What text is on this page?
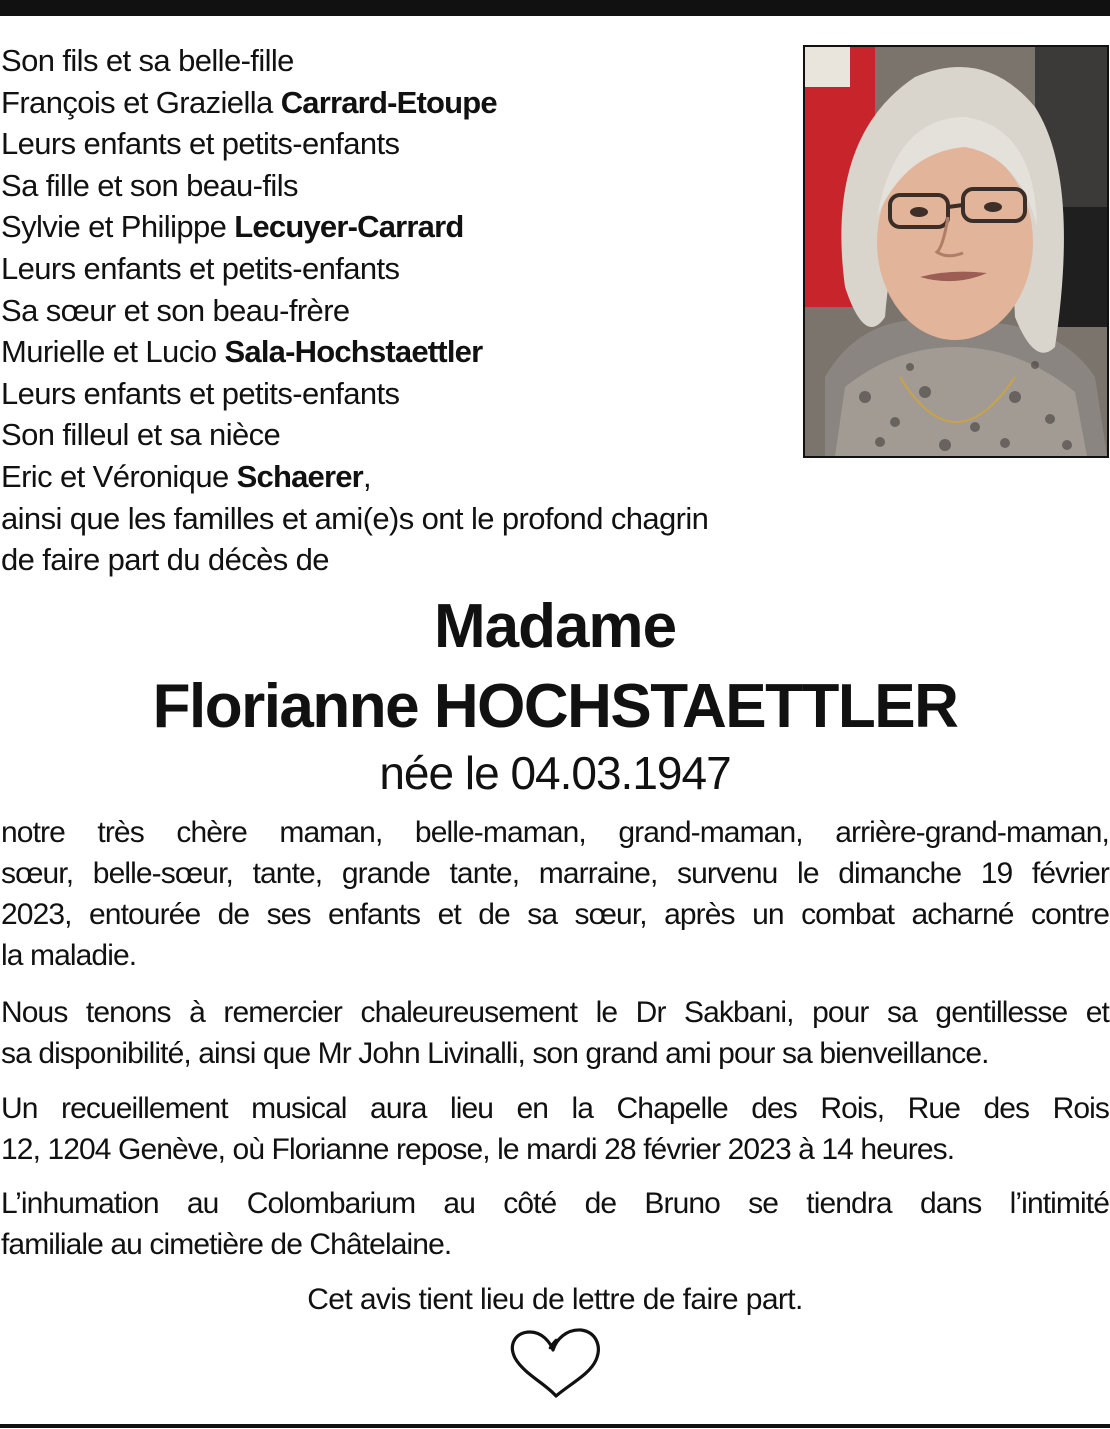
Son fils et sa belle-fille
François et Graziella Carrard-Etoupe
Leurs enfants et petits-enfants
Sa fille et son beau-fils
Sylvie et Philippe Lecuyer-Carrard
Leurs enfants et petits-enfants
Sa sœur et son beau-frère
Murielle et Lucio Sala-Hochstaettler
Leurs enfants et petits-enfants
Son filleul et sa nièce
Eric et Véronique Schaerer,
ainsi que les familles et ami(e)s ont le profond chagrin
de faire part du décès de
Madame
Florianne HOCHSTAETTLER
née le 04.03.1947
notre très chère maman, belle-maman, grand-maman, arrière-grand-maman,
sœur, belle-sœur, tante, grande tante, marraine, survenu le dimanche 19 février
2023, entourée de ses enfants et de sa sœur, après un combat acharné contre
la maladie.
Nous tenons à remercier chaleureusement le Dr Sakbani, pour sa gentillesse et
sa disponibilité, ainsi que Mr John Livinalli, son grand ami pour sa bienveillance.
Un recueillement musical aura lieu en la Chapelle des Rois, Rue des Rois
12, 1204 Genève, où Florianne repose, le mardi 28 février 2023 à 14 heures.
L’inhumation au Colombarium au côté de Bruno se tiendra dans l’intimité
familiale au cimetière de Châtelaine.
Cet avis tient lieu de lettre de faire part.
